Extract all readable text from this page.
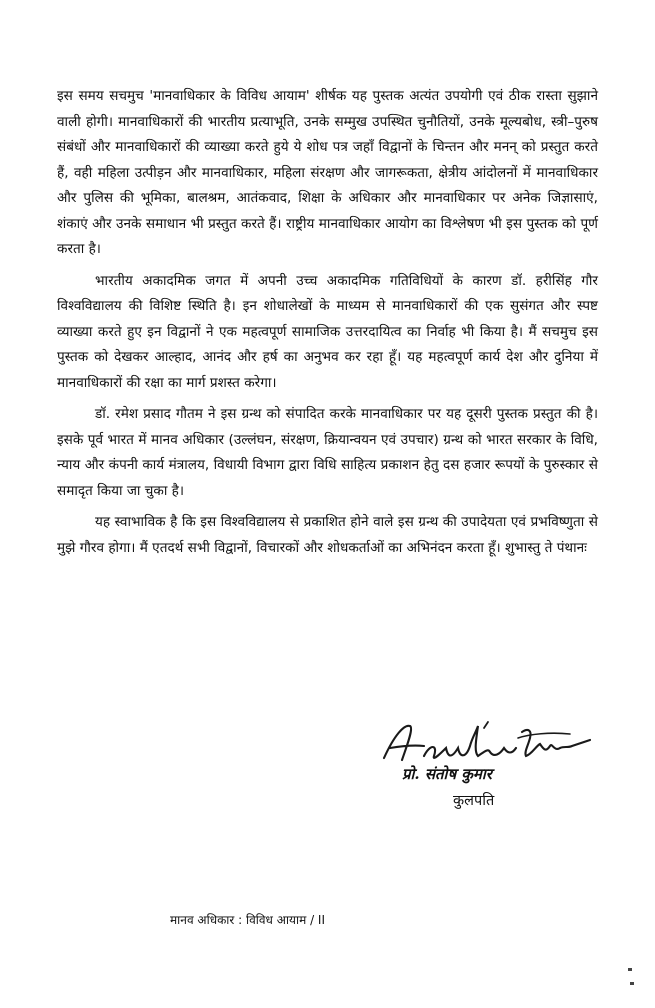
इस समय सचमुच 'मानवाधिकार के विविध आयाम' शीर्षक यह पुस्तक अत्यंत उपयोगी एवं ठीक रास्ता सुझाने वाली होगी। मानवाधिकारों की भारतीय प्रत्याभूति, उनके सम्मुख उपस्थित चुनौतियों, उनके मूल्यबोध, स्त्री–पुरुष संबंधों और मानवाधिकारों की व्याख्या करते हुये ये शोध पत्र जहाँ विद्वानों के चिन्तन और मनन् को प्रस्तुत करते हैं, वही महिला उत्पीड़न और मानवाधिकार, महिला संरक्षण और जागरूकता, क्षेत्रीय आंदोलनों में मानवाधिकार और पुलिस की भूमिका, बालश्रम, आतंकवाद, शिक्षा के अधिकार और मानवाधिकार पर अनेक जिज्ञासाएं, शंकाएं और उनके समाधान भी प्रस्तुत करते हैं। राष्ट्रीय मानवाधिकार आयोग का विश्लेषण भी इस पुस्तक को पूर्ण करता है।

भारतीय अकादमिक जगत में अपनी उच्च अकादमिक गतिविधियों के कारण डॉ. हरीसिंह गौर विश्वविद्यालय की विशिष्ट स्थिति है। इन शोधालेखों के माध्यम से मानवाधिकारों की एक सुसंगत और स्पष्ट व्याख्या करते हुए इन विद्वानों ने एक महत्वपूर्ण सामाजिक उत्तरदायित्व का निर्वाह भी किया है। मैं सचमुच इस पुस्तक को देखकर आल्हाद, आनंद और हर्ष का अनुभव कर रहा हूँ। यह महत्वपूर्ण कार्य देश और दुनिया में मानवाधिकारों की रक्षा का मार्ग प्रशस्त करेगा।

डॉ. रमेश प्रसाद गौतम ने इस ग्रन्थ को संपादित करके मानवाधिकार पर यह दूसरी पुस्तक प्रस्तुत की है। इसके पूर्व भारत में मानव अधिकार (उल्लंघन, संरक्षण, क्रियान्वयन एवं उपचार) ग्रन्थ को भारत सरकार के विधि, न्याय और कंपनी कार्य मंत्रालय, विधायी विभाग द्वारा विधि साहित्य प्रकाशन हेतु दस हजार रूपयों के पुरुस्कार से समादृत किया जा चुका है।

यह स्वाभाविक है कि इस विश्वविद्यालय से प्रकाशित होने वाले इस ग्रन्थ की उपादेयता एवं प्रभविष्णुता से मुझे गौरव होगा। मैं एतदर्थ सभी विद्वानों, विचारकों और शोधकर्ताओं का अभिनंदन करता हूँ। शुभास्तु ते पंथानः

प्रो. संतोष कुमार
कुलपति
मानव अधिकार : विविध आयाम / II
